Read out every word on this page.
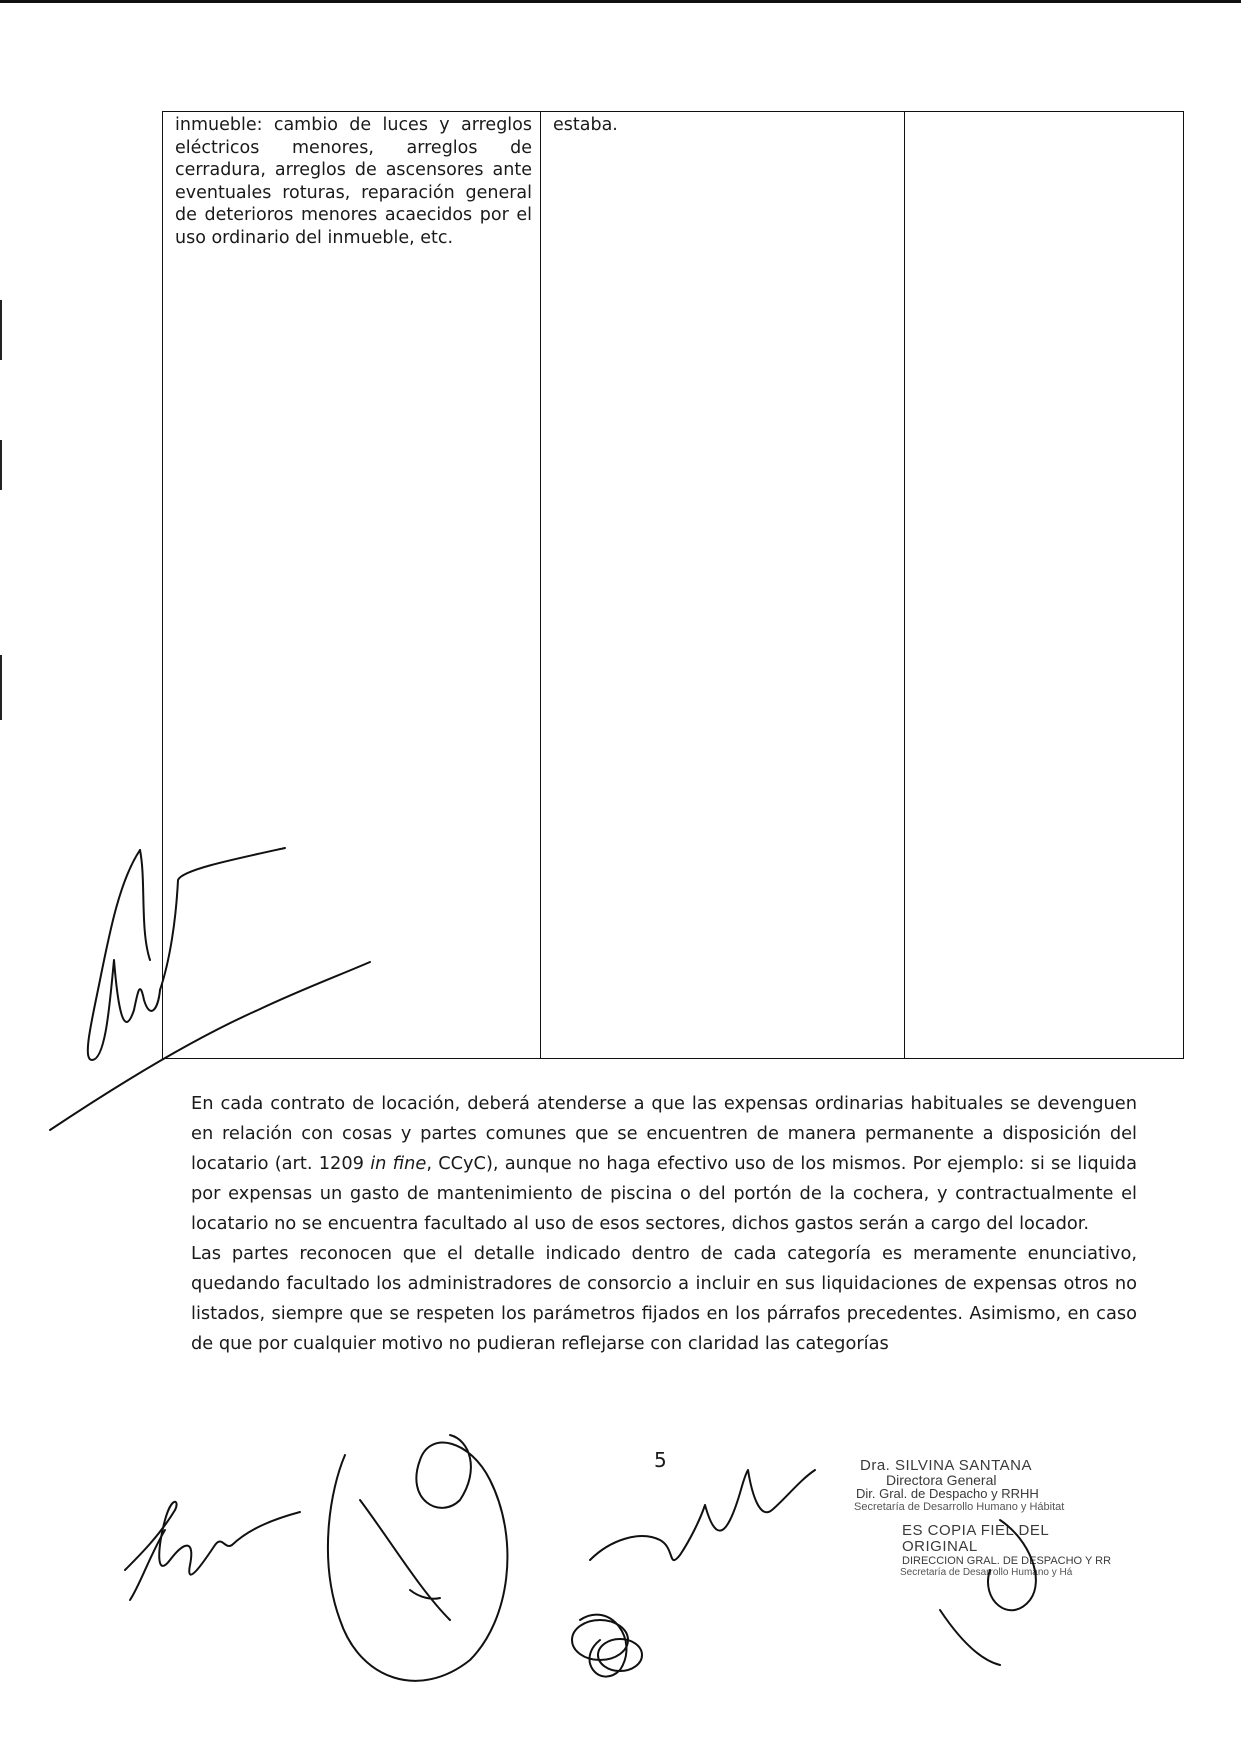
inmueble: cambio de luces y arreglos eléctricos menores, arreglos de cerradura, arreglos de ascensores ante eventuales roturas, reparación general de deterioros menores acaecidos por el uso ordinario del inmueble, etc.	estaba.	

En cada contrato de locación, deberá atenderse a que las expensas ordinarias habituales se devenguen en relación con cosas y partes comunes que se encuentren de manera permanente a disposición del locatario (art. 1209 in fine, CCyC), aunque no haga efectivo uso de los mismos. Por ejemplo: si se liquida por expensas un gasto de mantenimiento de piscina o del portón de la cochera, y contractualmente el locatario no se encuentra facultado al uso de esos sectores, dichos gastos serán a cargo del locador.

Las partes reconocen que el detalle indicado dentro de cada categoría es meramente enunciativo, quedando facultado los administradores de consorcio a incluir en sus liquidaciones de expensas otros no listados, siempre que se respeten los parámetros fijados en los párrafos precedentes. Asimismo, en caso de que por cualquier motivo no pudieran reflejarse con claridad las categorías

5	Dra. SILVINA SANTANA
Directora General
Dir. Gral. de Despacho y RRHH
Secretaría de Desarrollo Humano y Hábitat
ES COPIA FIEL DEL ORIGINAL
DIRECCION GRAL. DE DESPACHO Y RR
Secretaría de Desarrollo Humano y Há
